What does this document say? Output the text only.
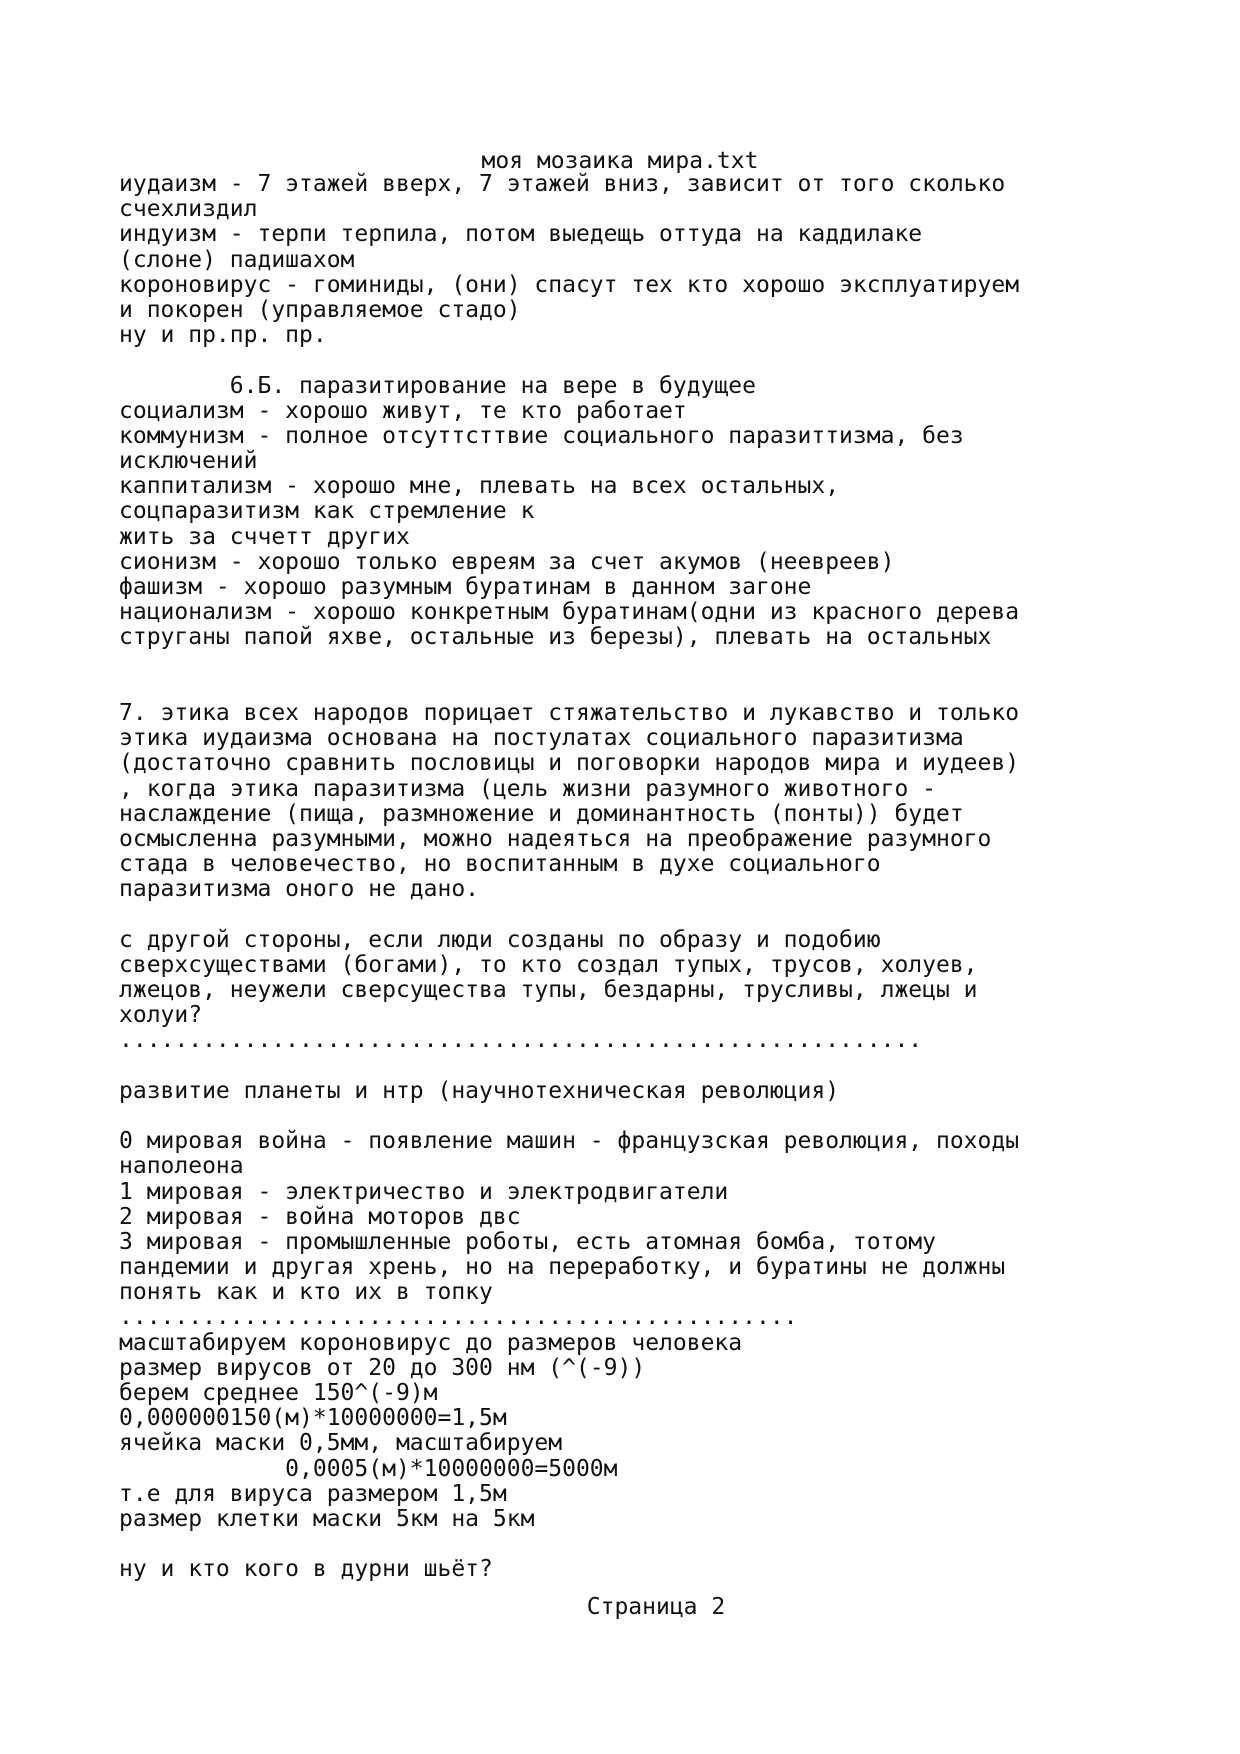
моя мозаика мира.txt
иудаизм - 7 этажей вверх, 7 этажей вниз, зависит от того сколько
счехлиздил
индуизм - терпи терпила, потом выедещь оттуда на каддилаке
(слоне) падишахом
короновирус - гоминиды, (они) спасут тех кто хорошо эксплуатируем
и покорен (управляемое стадо)
ну и пр.пр. пр.

6.Б. паразитирование на вере в будущее
социализм - хорошо живут, те кто работает
коммунизм - полное отсуттсттвие социального паразиттизма, без
исключений
каппитализм - хорошо мне, плевать на всех остальных,
соцпаразитизм как стремление к
жить за сччетт других
сионизм - хорошо только евреям за счет акумов (неевреев)
фашизм - хорошо разумным буратинам в данном загоне
национализм - хорошо конкретным буратинам(одни из красного дерева
струганы папой яхве, остальные из березы), плевать на остальных

7. этика всех народов порицает стяжательство и лукавство и только
этика иудаизма основана на постулатах социального паразитизма
(достаточно сравнить пословицы и поговорки народов мира и иудеев)
, когда этика паразитизма (цель жизни разумного животного -
наслаждение (пища, размножение и доминантность (понты)) будет
осмысленна разумными, можно надеяться на преображение разумного
стада в человечество, но воспитанным в духе социального
паразитизма оного не дано.

с другой стороны, если люди созданы по образу и подобию
сверхсуществами (богами), то кто создал тупых, трусов, холуев,
лжецов, неужели сверсущества тупы, бездарны, трусливы, лжецы и
холуи?
..........................................................

развитие планеты и нтр (научнотехническая революция)

0 мировая война - появление машин - французская революция, походы
наполеона
1 мировая - электричество и электродвигатели
2 мировая - война моторов двс
3 мировая - промышленные роботы, есть атомная бомба, тотому
пандемии и другая хрень, но на переработку, и буратины не должны
понять как и кто их в топку
.................................................
масштабируем короновирус до размеров человека
размер вирусов от 20 до 300 нм (^(-9))
берем среднее 150^(-9)м
0,000000150(м)*10000000=1,5м
ячейка маски 0,5мм, масштабируем
0,0005(м)*10000000=5000м
т.е для вируса размером 1,5м
размер клетки маски 5км на 5км

ну и кто кого в дурни шьёт?
Страница 2
